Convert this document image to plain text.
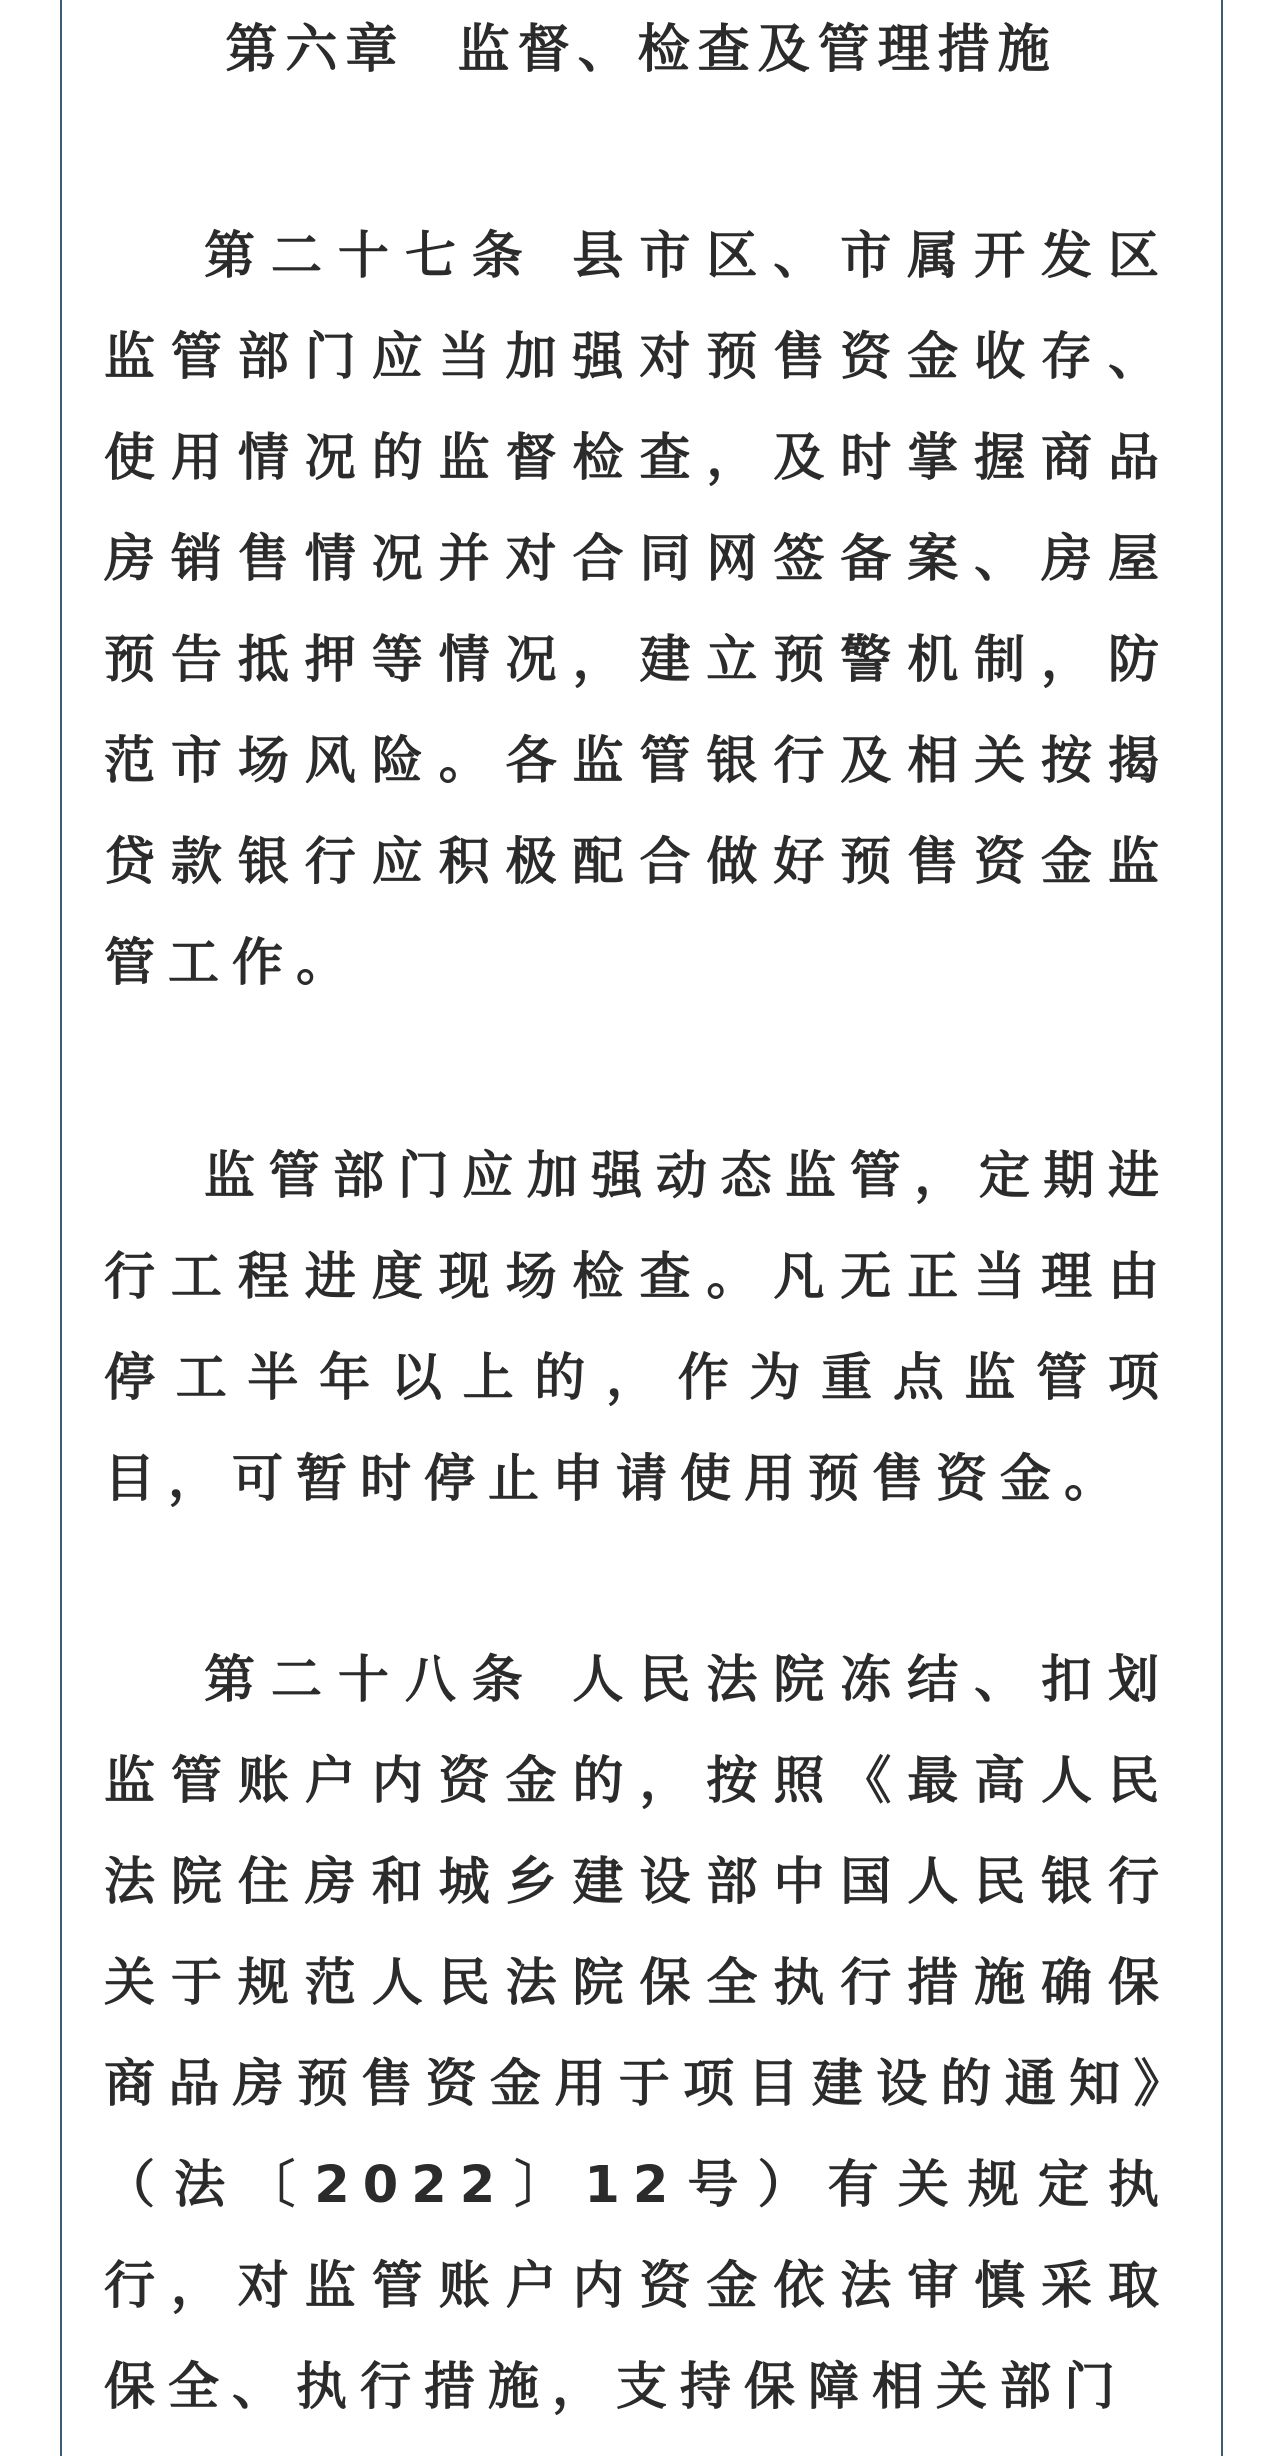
第六章  监督、检查及管理措施

第二十七条 县市区、市属开发区监管部门应当加强对预售资金收存、使用情况的监督检查，及时掌握商品房销售情况并对合同网签备案、房屋预告抵押等情况，建立预警机制，防范市场风险。各监管银行及相关按揭贷款银行应积极配合做好预售资金监管工作。

监管部门应加强动态监管，定期进行工程进度现场检查。凡无正当理由停工半年以上的，作为重点监管项目，可暂时停止申请使用预售资金。

第二十八条 人民法院冻结、扣划监管账户内资金的，按照《最高人民法院住房和城乡建设部中国人民银行关于规范人民法院保全执行措施确保商品房预售资金用于项目建设的通知》（法〔2022〕12号）有关规定执行，对监管账户内资金依法审慎采取保全、执行措施，支持保障相关部门
